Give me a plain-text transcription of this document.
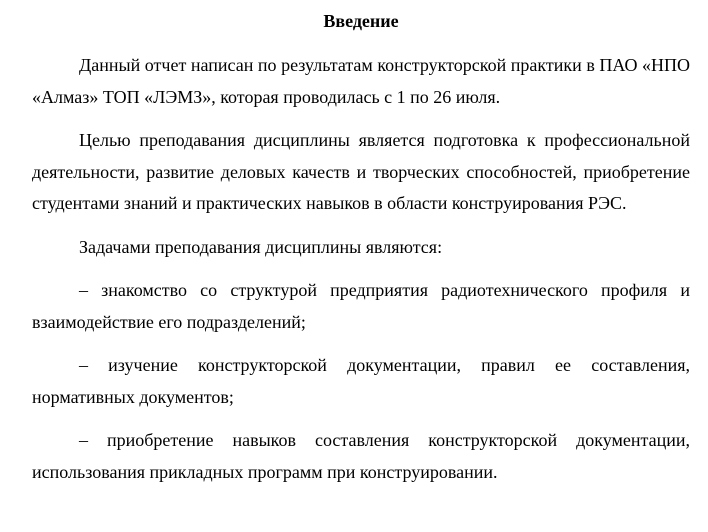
Введение

Данный отчет написан по результатам конструкторской практики в ПАО «НПО «Алмаз» ТОП «ЛЭМЗ», которая проводилась с 1 по 26 июля.

Целью преподавания дисциплины является подготовка к профессиональной деятельности, развитие деловых качеств и творческих способностей, приобретение студентами знаний и практических навыков в области конструирования РЭС.

Задачами преподавания дисциплины являются:

– знакомство со структурой предприятия радиотехнического профиля и взаимодействие его подразделений;

– изучение конструкторской документации, правил ее составления, нормативных документов;

– приобретение навыков составления конструкторской документации, использования прикладных программ при конструировании.
